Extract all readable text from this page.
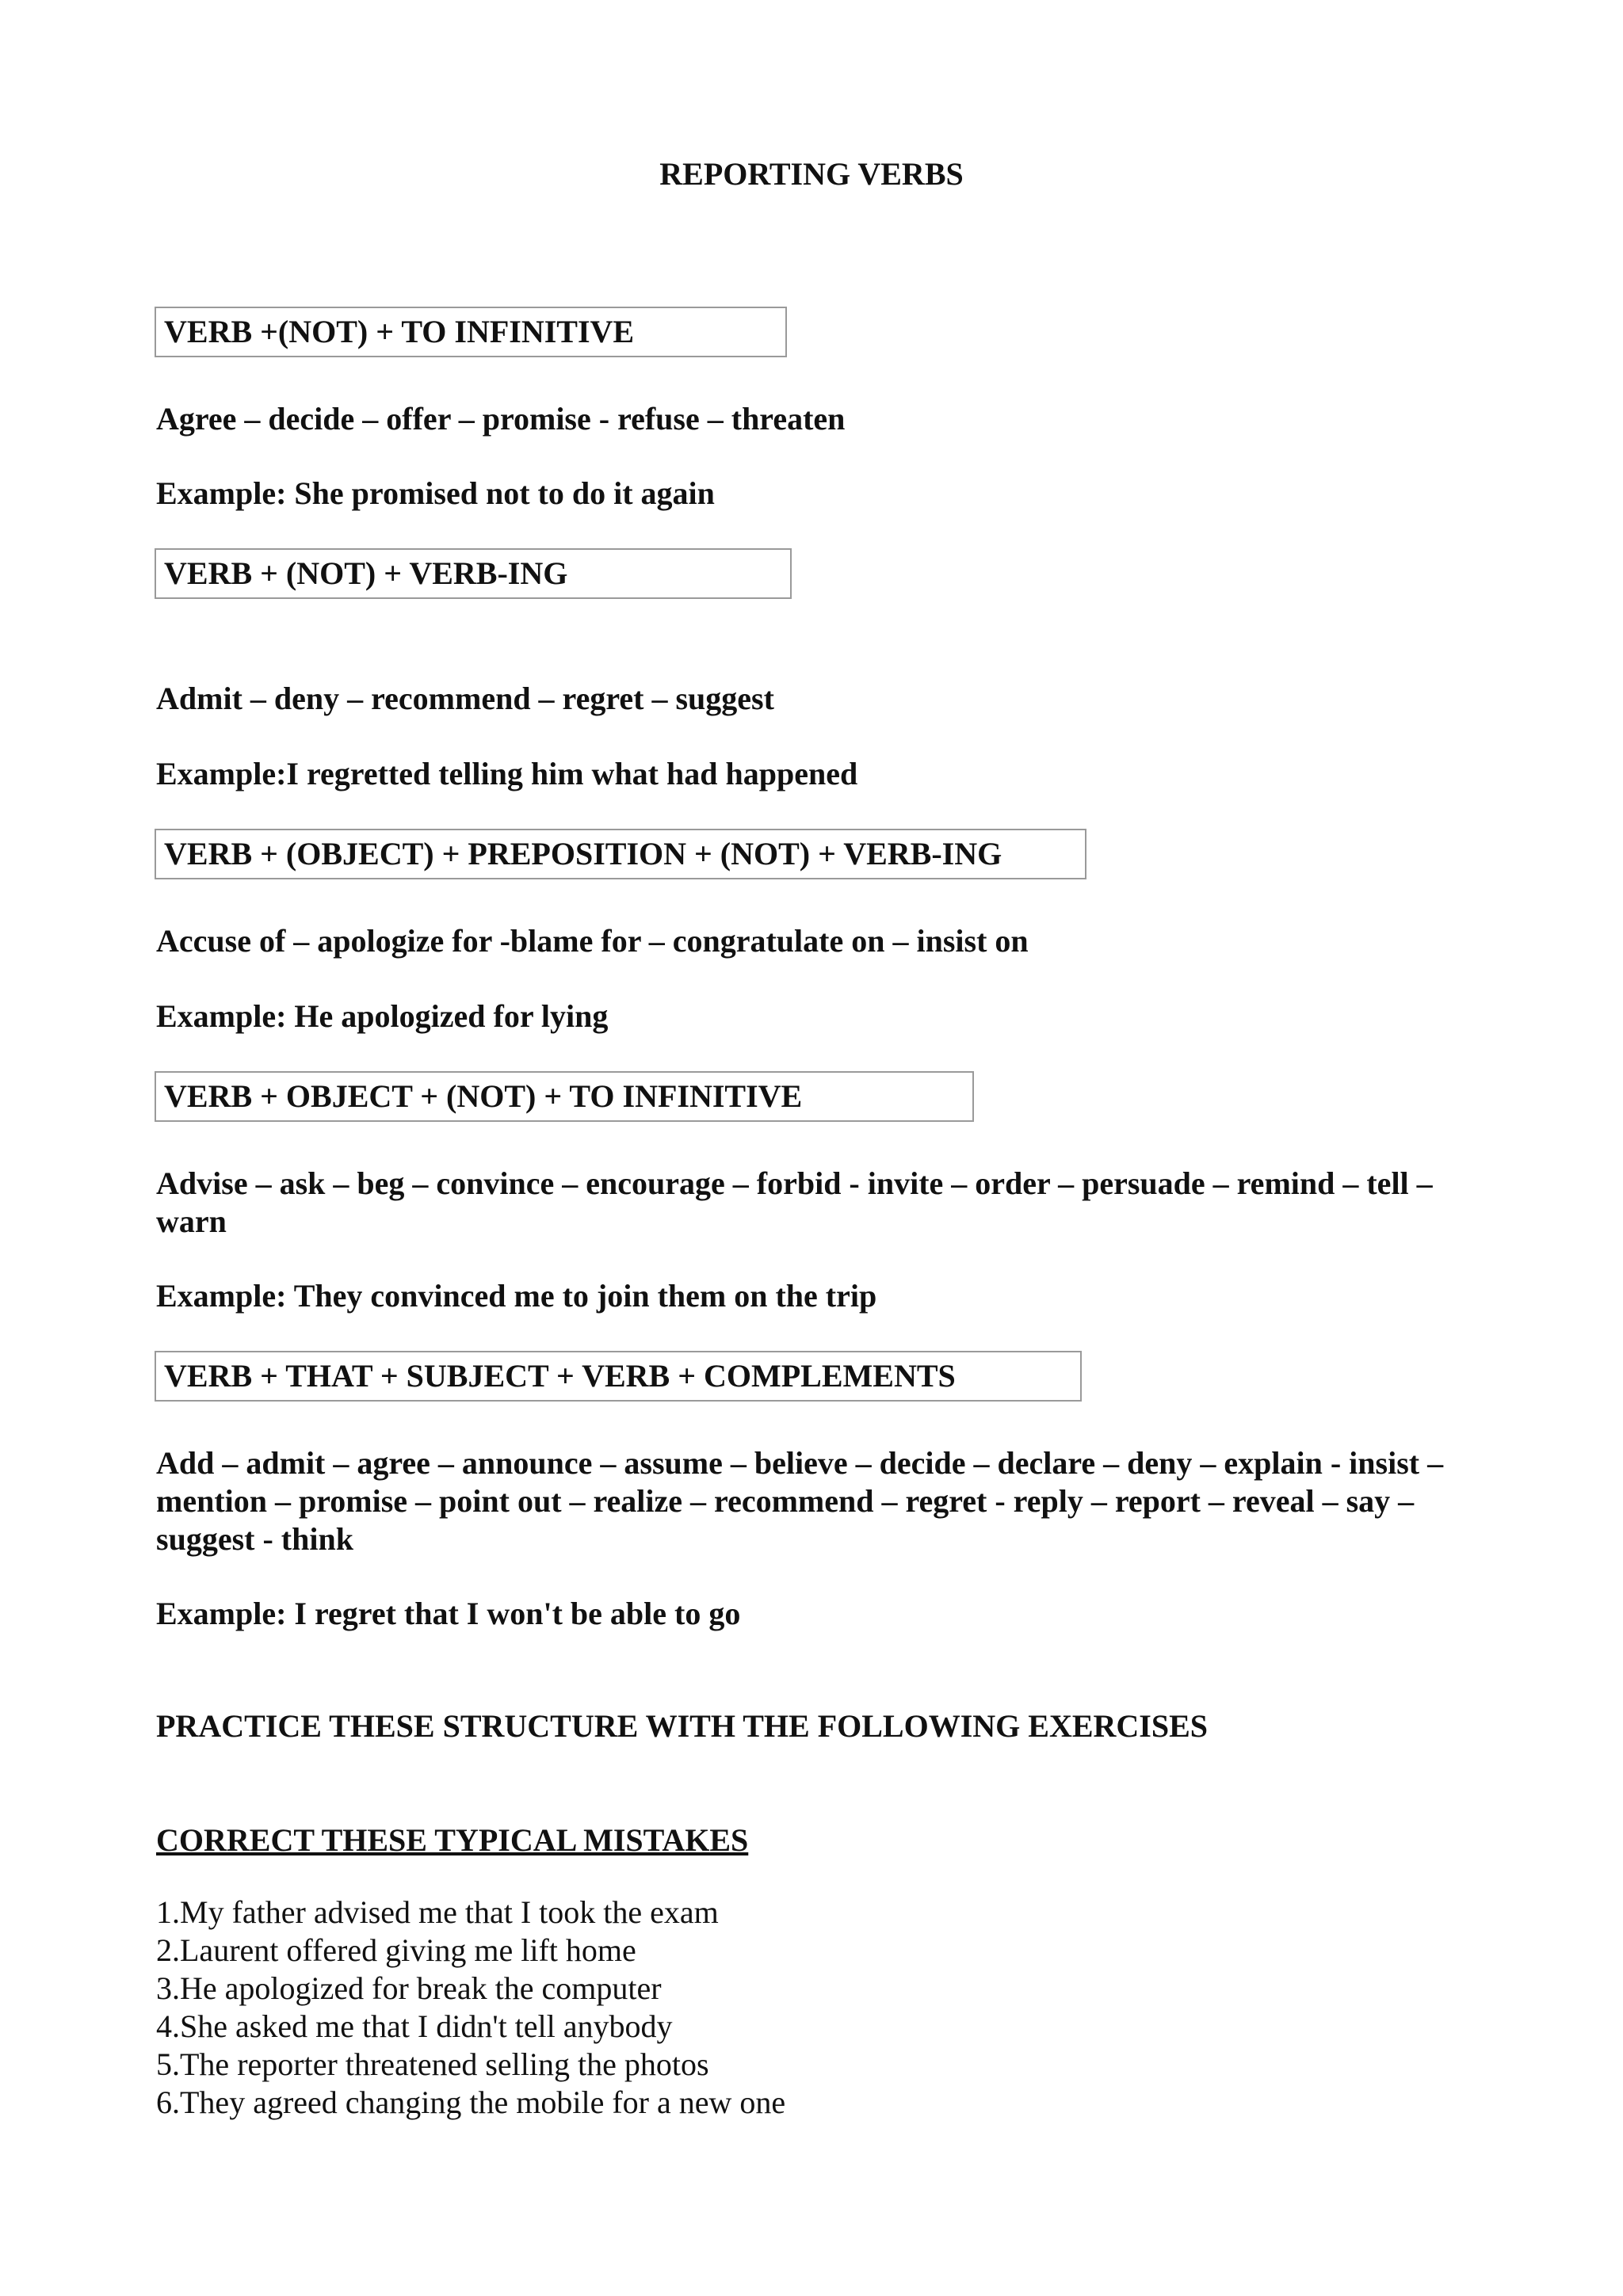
REPORTING VERBS
VERB +(NOT) + TO INFINITIVE
Agree – decide – offer – promise - refuse – threaten
Example: She promised not to do it again
VERB + (NOT) + VERB-ING
Admit – deny – recommend – regret – suggest
Example:I regretted telling him what had happened
VERB + (OBJECT) + PREPOSITION + (NOT) + VERB-ING
Accuse of – apologize for -blame for – congratulate on – insist on
Example: He apologized for lying
VERB + OBJECT + (NOT) + TO INFINITIVE
Advise – ask – beg – convince – encourage – forbid - invite – order – persuade – remind – tell – warn
Example: They convinced me to join them on the trip
VERB + THAT + SUBJECT + VERB + COMPLEMENTS
Add – admit – agree – announce – assume – believe – decide – declare – deny – explain - insist – mention – promise – point out – realize – recommend – regret - reply – report – reveal – say – suggest - think
Example: I regret that I won't be able to go
PRACTICE THESE STRUCTURE WITH THE FOLLOWING EXERCISES
CORRECT THESE TYPICAL MISTAKES
1.My father advised me that I took the exam
2.Laurent offered giving me lift home
3.He apologized for break the computer
4.She asked me that I didn't tell anybody
5.The reporter threatened selling the photos
6.They agreed changing the mobile for a new one
